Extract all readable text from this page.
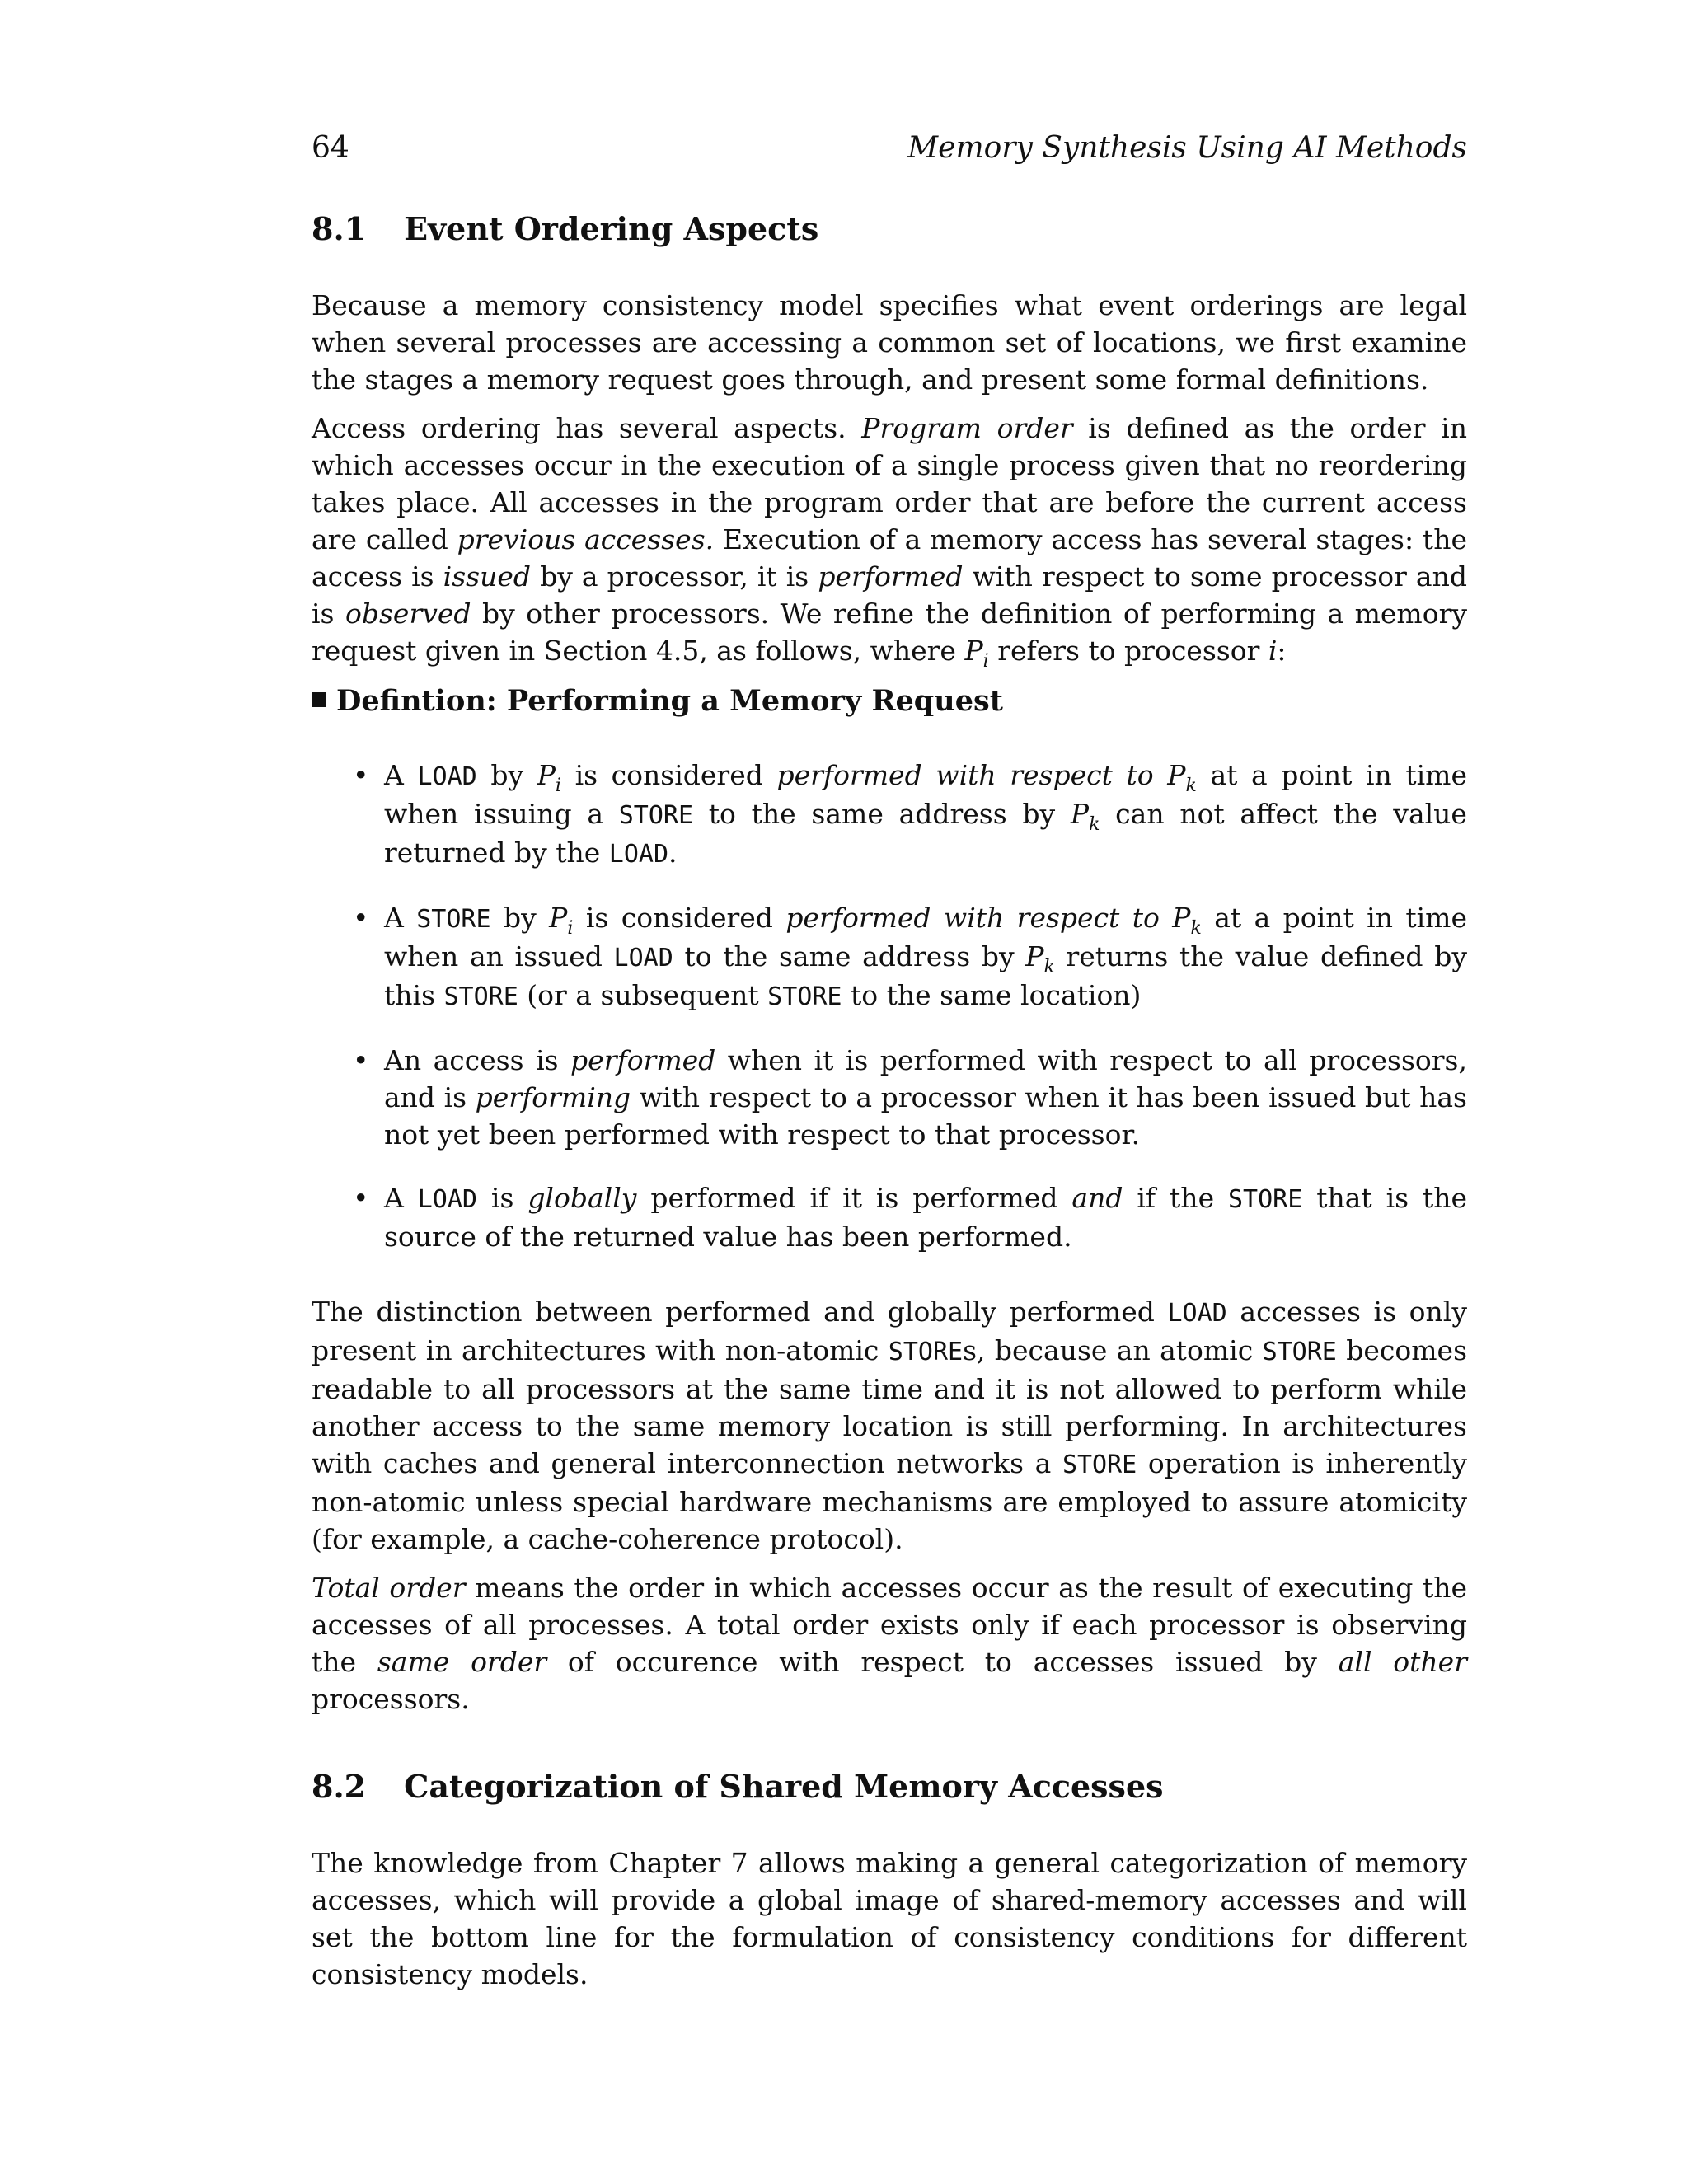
64	Memory Synthesis Using AI Methods
8.1 Event Ordering Aspects

Because a memory consistency model specifies what event orderings are legal when several processes are accessing a common set of locations, we first examine the stages a memory request goes through, and present some formal definitions.

Access ordering has several aspects. Program order is defined as the order in which accesses occur in the execution of a single process given that no reordering takes place. All accesses in the program order that are before the current access are called previous accesses. Execution of a memory access has several stages: the access is issued by a processor, it is performed with respect to some processor and is observed by other processors. We refine the definition of performing a memory request given in Section 4.5, as follows, where $P_i$ refers to processor i:

Defintion: Performing a Memory Request
• A LOAD by $P_i$ is considered performed with respect to $P_k$ at a point in time when issuing a STORE to the same address by $P_k$ can not affect the value returned by the LOAD.
• A STORE by $P_i$ is considered performed with respect to $P_k$ at a point in time when an issued LOAD to the same address by $P_k$ returns the value defined by this STORE (or a subsequent STORE to the same location)
• An access is performed when it is performed with respect to all processors, and is performing with respect to a processor when it has been issued but has not yet been performed with respect to that processor.
• A LOAD is globally performed if it is performed and if the STORE that is the source of the returned value has been performed.

The distinction between performed and globally performed LOAD accesses is only present in architectures with non-atomic STOREs, because an atomic STORE becomes readable to all processors at the same time and it is not allowed to perform while another access to the same memory location is still performing. In architectures with caches and general interconnection networks a STORE operation is inherently non-atomic unless special hardware mechanisms are employed to assure atomicity (for example, a cache-coherence protocol).

Total order means the order in which accesses occur as the result of executing the accesses of all processes. A total order exists only if each processor is observing the same order of occurence with respect to accesses issued by all other processors.

8.2 Categorization of Shared Memory Accesses

The knowledge from Chapter 7 allows making a general categorization of memory accesses, which will provide a global image of shared-memory accesses and will set the bottom line for the formulation of consistency conditions for different consistency models.
